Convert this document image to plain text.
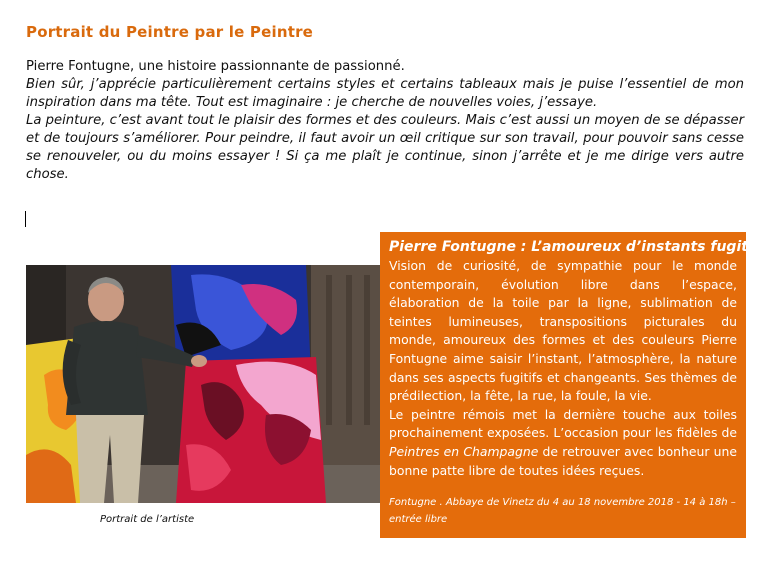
Portrait du Peintre par le Peintre

Pierre Fontugne, une histoire passionnante de passionné.

Bien sûr, j’apprécie particulièrement certains styles et certains tableaux mais je puise l’essentiel de mon inspiration dans ma tête. Tout est imaginaire : je cherche de nouvelles voies, j’essaye.

La peinture, c’est avant tout le plaisir des formes et des couleurs. Mais c’est aussi un moyen de se dépasser et de toujours s’améliorer. Pour peindre, il faut avoir un œil critique sur son travail, pour pouvoir sans cesse se renouveler, ou du moins essayer ! Si ça me plaît je continue, sinon j’arrête et je me dirige vers autre chose.

Portrait de l’artiste
Pierre Fontugne : L’amoureux d’instants fugitifs

Vision de curiosité, de sympathie pour le monde contemporain, évolution libre dans l’espace, élaboration de la toile par la ligne, sublimation de teintes lumineuses, transpositions picturales du monde, amoureux des formes et des couleurs Pierre Fontugne aime saisir l’instant, l’atmosphère, la nature dans ses aspects fugitifs et changeants. Ses thèmes de prédilection, la fête, la rue, la foule, la vie.

Le peintre rémois met la dernière touche aux toiles prochainement exposées. L’occasion pour les fidèles de Peintres en Champagne de retrouver avec bonheur une bonne patte libre de toutes idées reçues.

Fontugne . Abbaye de Vinetz du 4 au 18 novembre 2018 - 14 à 18h – entrée libre
